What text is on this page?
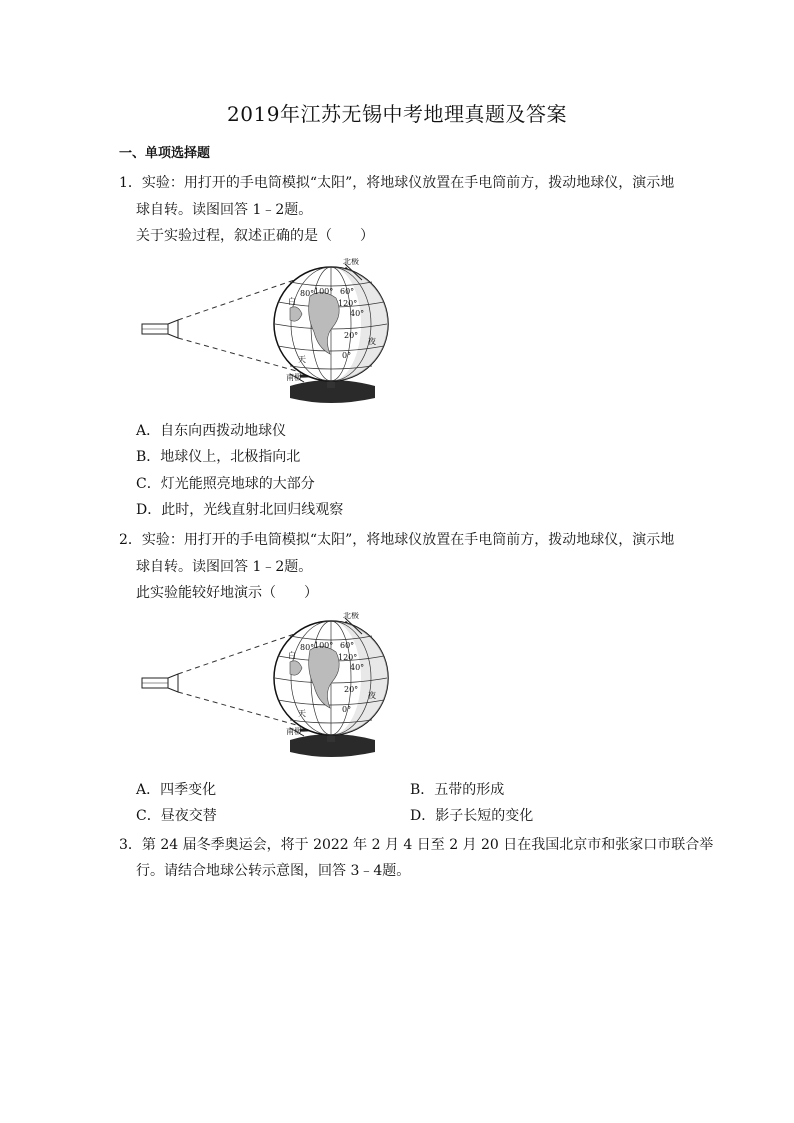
2019年江苏无锡中考地理真题及答案
一、单项选择题
1．实验：用打开的手电筒模拟“太阳”，将地球仪放置在手电筒前方，拨动地球仪，演示地
球自转。读图回答 1﹣2题。
关于实验过程，叙述正确的是（　　）
北极
南极
100°
120°
80°	60°
40°
20°
0°
白
夜
天
A．自东向西拨动地球仪
B．地球仪上，北极指向北
C．灯光能照亮地球的大部分
D．此时，光线直射北回归线观察
2．实验：用打开的手电筒模拟“太阳”，将地球仪放置在手电筒前方，拨动地球仪，演示地
球自转。读图回答 1﹣2题。
此实验能较好地演示（　　）
北极
南极
100°
120°
80°	60°
40°
20°
0°
白
夜
天
A．四季变化	B．五带的形成
C．昼夜交替	D．影子长短的变化
3．第 24 届冬季奥运会，将于 2022 年 2 月 4 日至 2 月 20 日在我国北京市和张家口市联合举
行。请结合地球公转示意图，回答 3﹣4题。
